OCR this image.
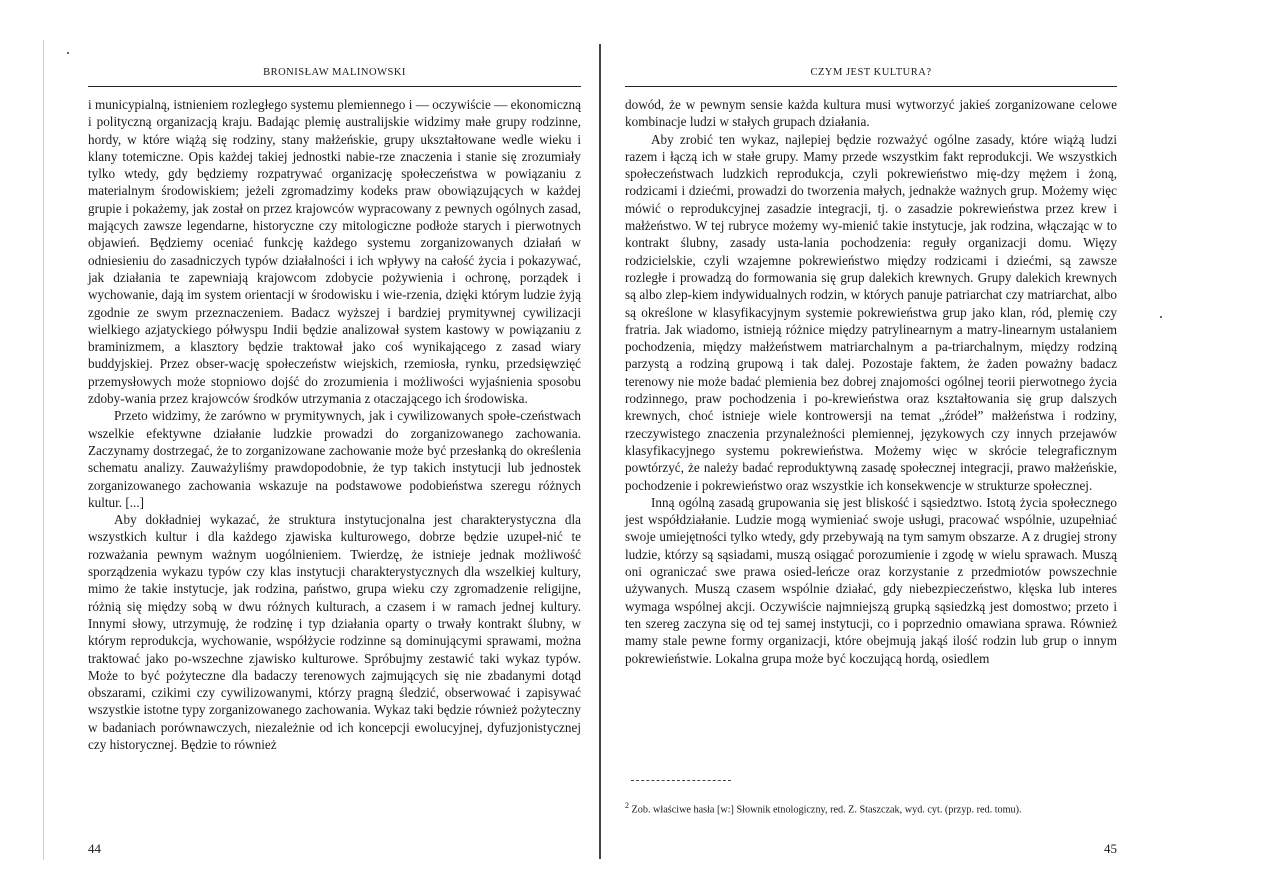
BRONISŁAW MALINOWSKI

i municypialną, istnieniem rozległego systemu plemiennego i — oczywiście — ekonomiczną i polityczną organizacją kraju. Badając plemię australijskie widzimy małe grupy rodzinne, hordy, w które wiążą się rodziny, stany małżeńskie, grupy ukształtowane wedle wieku i klany totemiczne. Opis każdej takiej jednostki nabie-rze znaczenia i stanie się zrozumiały tylko wtedy, gdy będziemy rozpatrywać organizację społeczeństwa w powiązaniu z materialnym środowiskiem; jeżeli zgromadzimy kodeks praw obowiązujących w każdej grupie i pokażemy, jak został on przez krajowców wypracowany z pewnych ogólnych zasad, mających zawsze legendarne, historyczne czy mitologiczne podłoże starych i pierwotnych objawień. Będziemy oceniać funkcję każdego systemu zorganizowanych działań w odniesieniu do zasadniczych typów działalności i ich wpływy na całość życia i pokazywać, jak działania te zapewniają krajowcom zdobycie pożywienia i ochronę, porządek i wychowanie, dają im system orientacji w środowisku i wie-rzenia, dzięki którym ludzie żyją zgodnie ze swym przeznaczeniem. Badacz wyższej i bardziej prymitywnej cywilizacji wielkiego azjatyckiego półwyspu Indii będzie analizował system kastowy w powiązaniu z braminizmem, a klasztory będzie traktował jako coś wynikającego z zasad wiary buddyjskiej. Przez obser-wację społeczeństw wiejskich, rzemiosła, rynku, przedsięwzięć przemysłowych może stopniowo dojść do zrozumienia i możliwości wyjaśnienia sposobu zdoby-wania przez krajowców środków utrzymania z otaczającego ich środowiska.

Przeto widzimy, że zarówno w prymitywnych, jak i cywilizowanych społe-czeństwach wszelkie efektywne działanie ludzkie prowadzi do zorganizowanego zachowania. Zaczynamy dostrzegać, że to zorganizowane zachowanie może być przesłanką do określenia schematu analizy. Zauważyliśmy prawdopodobnie, że typ takich instytucji lub jednostek zorganizowanego zachowania wskazuje na podstawowe podobieństwa szeregu różnych kultur. [...]

Aby dokładniej wykazać, że struktura instytucjonalna jest charakterystyczna dla wszystkich kultur i dla każdego zjawiska kulturowego, dobrze będzie uzupeł-nić te rozważania pewnym ważnym uogólnieniem. Twierdzę, że istnieje jednak możliwość sporządzenia wykazu typów czy klas instytucji charakterystycznych dla wszelkiej kultury, mimo że takie instytucje, jak rodzina, państwo, grupa wieku czy zgromadzenie religijne, różnią się między sobą w dwu różnych kulturach, a czasem i w ramach jednej kultury. Innymi słowy, utrzymuję, że rodzinę i typ działania oparty o trwały kontrakt ślubny, w którym reprodukcja, wychowanie, współżycie rodzinne są dominującymi sprawami, można traktować jako po-wszechne zjawisko kulturowe. Spróbujmy zestawić taki wykaz typów. Może to być pożyteczne dla badaczy terenowych zajmujących się nie zbadanymi dotąd obszarami, czikimi czy cywilizowanymi, którzy pragną śledzić, obserwować i zapisywać wszystkie istotne typy zorganizowanego zachowania. Wykaz taki będzie również pożyteczny w badaniach porównawczych, niezależnie od ich koncepcji ewolucyjnej, dyfuzjonistycznej czy historycznej. Będzie to również

44
CZYM JEST KULTURA?

dowód, że w pewnym sensie każda kultura musi wytworzyć jakieś zorganizowane celowe kombinacje ludzi w stałych grupach działania.

Aby zrobić ten wykaz, najlepiej będzie rozważyć ogólne zasady, które wiążą ludzi razem i łączą ich w stałe grupy. Mamy przede wszystkim fakt reprodukcji. We wszystkich społeczeństwach ludzkich reprodukcja, czyli pokrewieństwo mię-dzy mężem i żoną, rodzicami i dziećmi, prowadzi do tworzenia małych, jednakże ważnych grup. Możemy więc mówić o reprodukcyjnej zasadzie integracji, tj. o zasadzie pokrewieństwa przez krew i małżeństwo. W tej rubryce możemy wy-mienić takie instytucje, jak rodzina, włączając w to kontrakt ślubny, zasady usta-lania pochodzenia: reguły organizacji domu. Więzy rodzicielskie, czyli wzajemne pokrewieństwo między rodzicami i dziećmi, są zawsze rozległe i prowadzą do formowania się grup dalekich krewnych. Grupy dalekich krewnych są albo zlep-kiem indywidualnych rodzin, w których panuje patriarchat czy matriarchat, albo są określone w klasyfikacyjnym systemie pokrewieństwa grup jako klan, ród, plemię czy fratria. Jak wiadomo, istnieją różnice między patrylinearnym a matry-linearnym ustalaniem pochodzenia, między małżeństwem matriarchalnym a pa-triarchalnym, między rodziną parzystą a rodziną grupową i tak dalej. Pozostaje faktem, że żaden poważny badacz terenowy nie może badać plemienia bez dobrej znajomości ogólnej teorii pierwotnego życia rodzinnego, praw pochodzenia i po-krewieństwa oraz kształtowania się grup dalszych krewnych, choć istnieje wiele kontrowersji na temat „źródeł” małżeństwa i rodziny, rzeczywistego znaczenia przynależności plemiennej, językowych czy innych przejawów klasyfikacyjnego systemu pokrewieństwa. Możemy więc w skrócie telegraficznym powtórzyć, że należy badać reproduktywną zasadę społecznej integracji, prawo małżeńskie, pochodzenie i pokrewieństwo oraz wszystkie ich konsekwencje w strukturze społecznej.

Inną ogólną zasadą grupowania się jest bliskość i sąsiedztwo. Istotą życia społecznego jest współdziałanie. Ludzie mogą wymieniać swoje usługi, pracować wspólnie, uzupełniać swoje umiejętności tylko wtedy, gdy przebywają na tym samym obszarze. A z drugiej strony ludzie, którzy są sąsiadami, muszą osiągać porozumienie i zgodę w wielu sprawach. Muszą oni ograniczać swe prawa osied-leńcze oraz korzystanie z przedmiotów powszechnie używanych. Muszą czasem wspólnie działać, gdy niebezpieczeństwo, klęska lub interes wymaga wspólnej akcji. Oczywiście najmniejszą grupką sąsiedzką jest domostwo; przeto i ten szereg zaczyna się od tej samej instytucji, co i poprzednio omawiana sprawa. Również mamy stale pewne formy organizacji, które obejmują jakąś ilość rodzin lub grup o innym pokrewieństwie. Lokalna grupa może być koczującą hordą, osiedlem

$^2$ Zob. właściwe hasła [w:] Słownik etnologiczny, red. Z. Staszczak, wyd. cyt. (przyp. red. tomu).
45
